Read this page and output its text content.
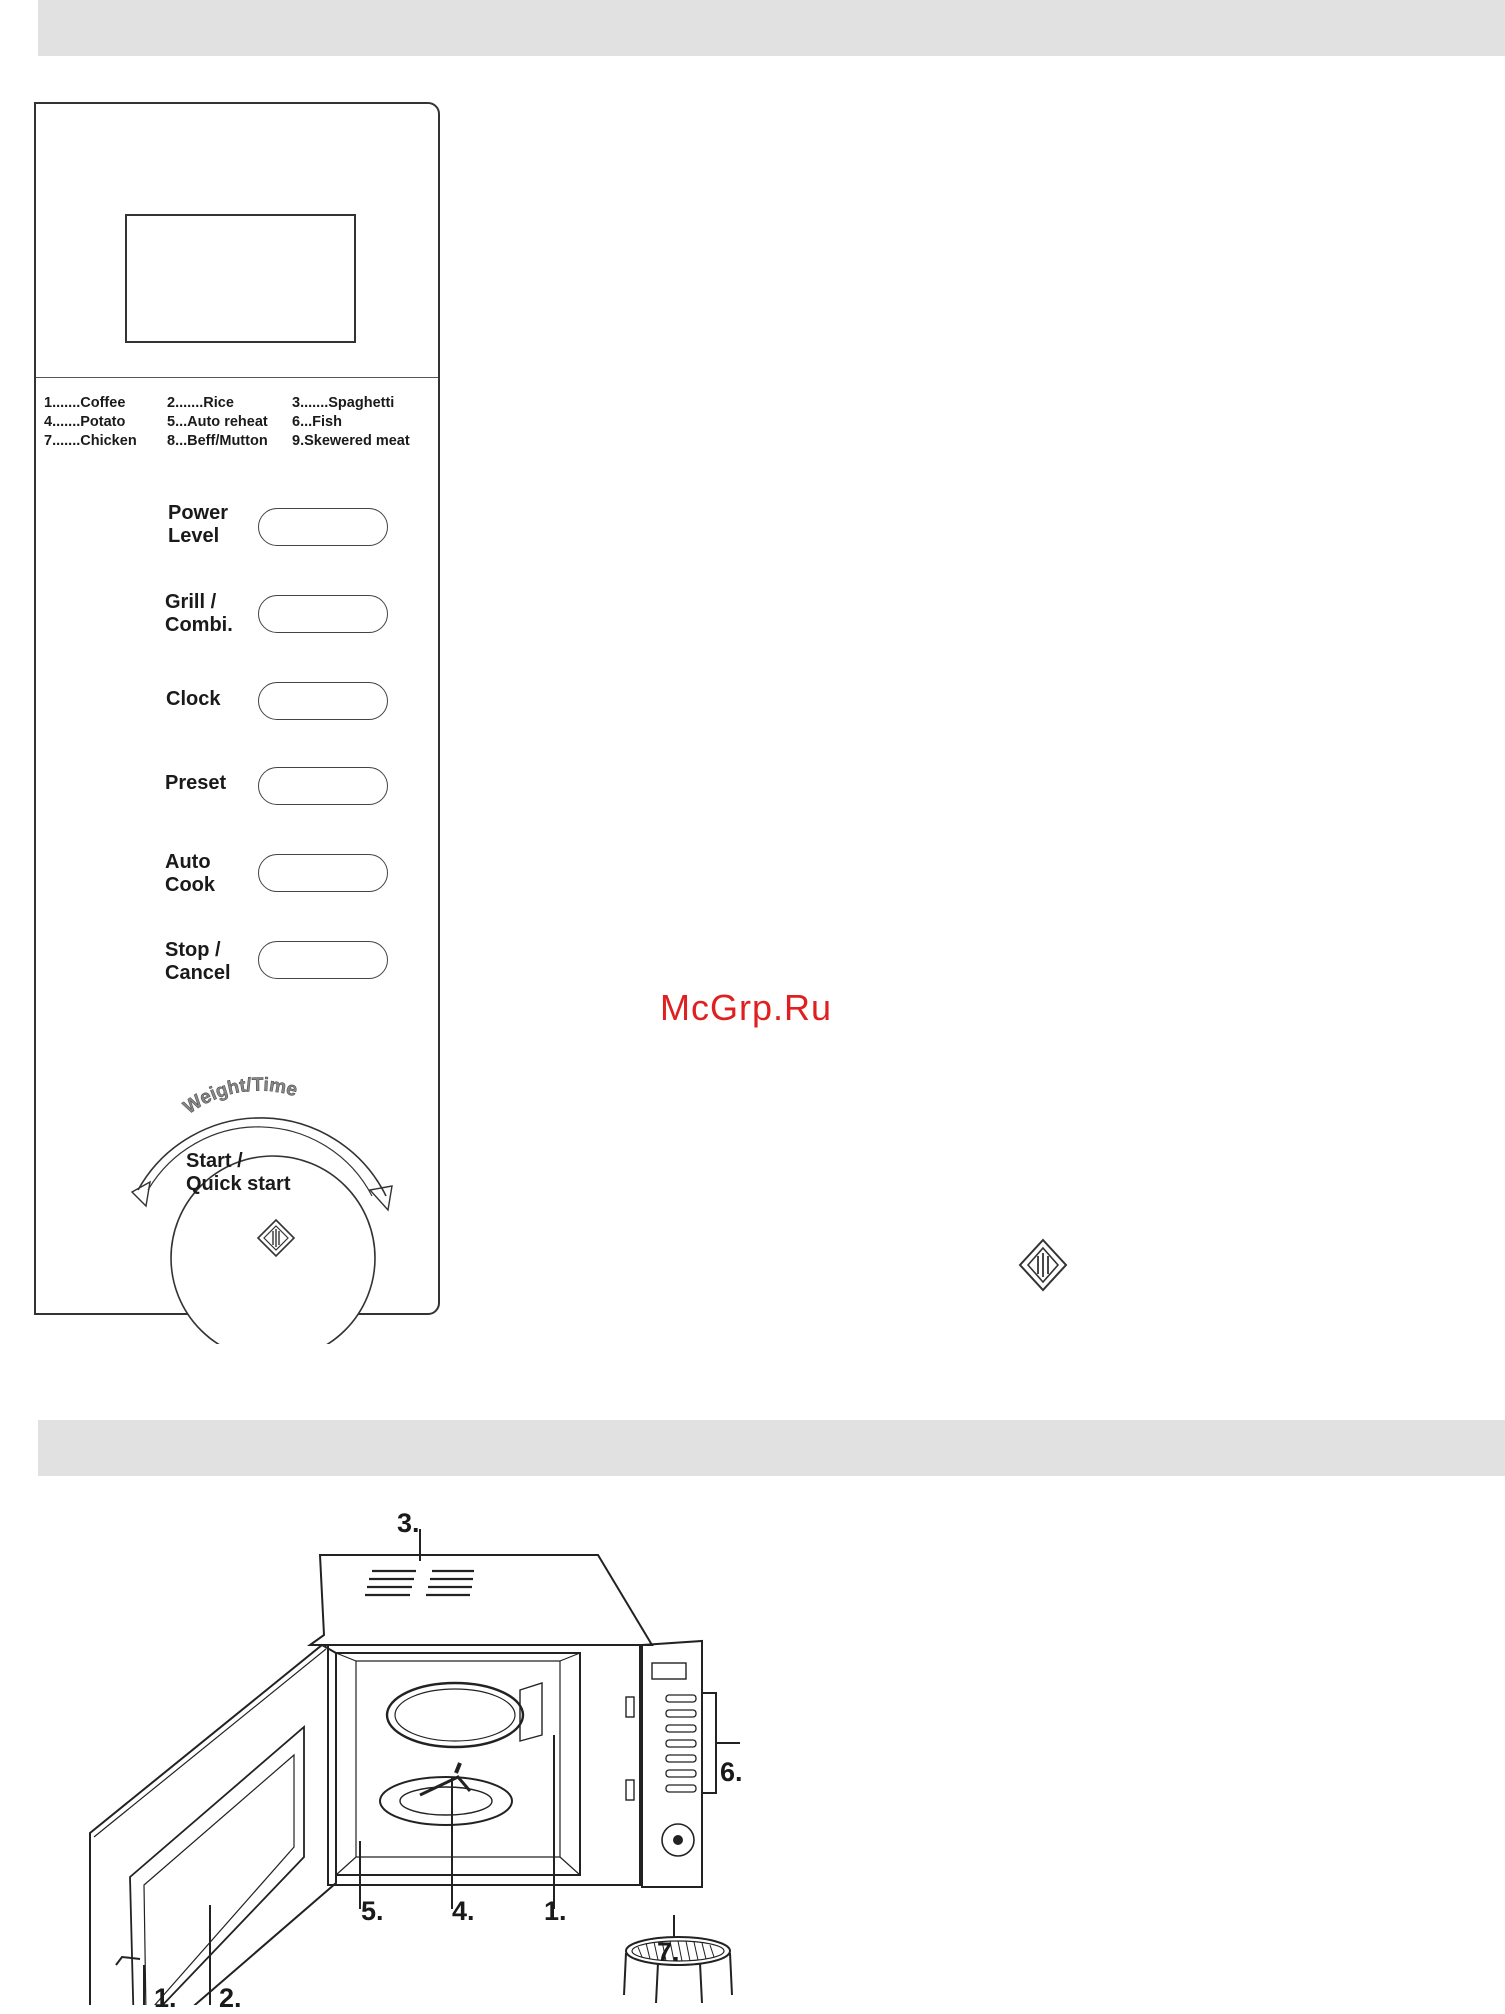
1.......Coffee	2.......Rice	3.......Spaghetti
4.......Potato	5...Auto reheat	6...Fish
7.......Chicken	8...Beff/Mutton	9.Skewered meat
Power
Level
Grill /
Combi.
Clock
Preset
Auto
Cook
Stop /
Cancel
Weight/Time
Start /
Quick start
McGrp.Ru
3.
6.
5.	4.	1.
7.
1. 2.
